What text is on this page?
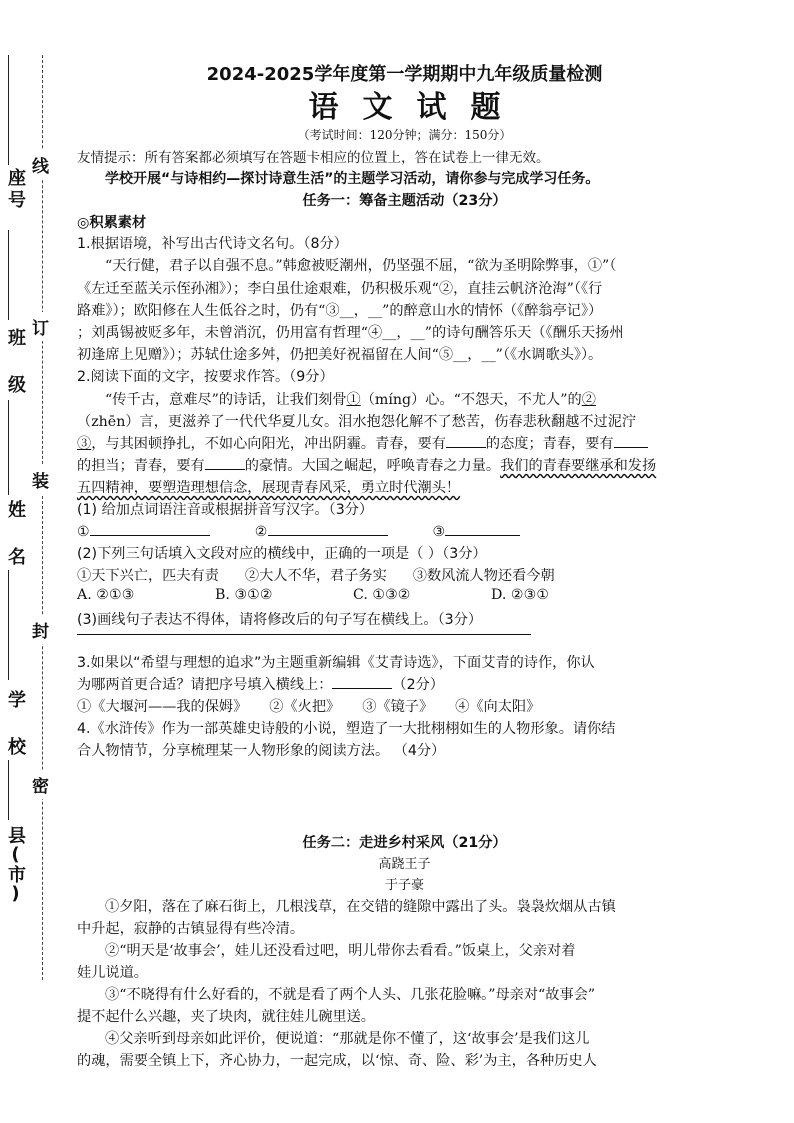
线
订
装
封
密
座号
班 级
姓 名
学 校
县(市)
2024-2025学年度第一学期期中九年级质量检测
语文试题
（考试时间：120分钟；满分：150分）
友情提示：所有答案都必须填写在答题卡相应的位置上，答在试卷上一律无效。
学校开展“与诗相约—探讨诗意生活”的主题学习活动，请你参与完成学习任务。
任务一：筹备主题活动（23分）
◎积累素材
1.根据语境，补写出古代诗文名句。（8分）
“天行健，君子以自强不息。”韩愈被贬潮州，仍坚强不屈，“欲为圣明除弊事，①”（
《左迁至蓝关示侄孙湘》）；李白虽仕途艰难，仍积极乐观“②，直挂云帆济沧海”（《行
路难》）；欧阳修在人生低谷之时，仍有“③__，__”的醉意山水的情怀（《醉翁亭记》）
；刘禹锡被贬多年，未曾消沉，仍用富有哲理“④__，__”的诗句酬答乐天（《酬乐天扬州
初逢席上见赠》）；苏轼仕途多舛，仍把美好祝福留在人间“⑤__，__”（《水调歌头》）。
2.阅读下面的文字，按要求作答。（9分）
“传千古，意难尽”的诗话，让我们刻骨①（míng）心。“不怨天，不尤人”的②
（zhēn）言，更滋养了一代代华夏儿女。泪水抱怨化解不了愁苦，伤春悲秋翻越不过泥泞
③，与其困顿挣扎，不如心向阳光，冲出阴霾。青春，要有	的态度；青春，要有
的担当；青春，要有	的豪情。大国之崛起，呼唤青春之力量。我们的青春要继承和发扬
五四精神，要塑造理想信念，展现青春风采，勇立时代潮头！
(1) 给加点词语注音或根据拼音写汉字。（3分）
①	②	③
(2)下列三句话填入文段对应的横线中，正确的一项是（ ）（3分）
①天下兴亡，匹夫有责 ②大人不华，君子务实 ③数风流人物还看今朝
A. ②①③	B. ③①②	C. ①③②	D. ②③①
(3)画线句子表达不得体，请将修改后的句子写在横线上。（3分）
3.如果以“希望与理想的追求”为主题重新编辑《艾青诗选》，下面艾青的诗作，你认
为哪两首更合适？请把序号填入横线上：	（2分）
①《大堰河——我的保姆》 ②《火把》 ③《镜子》 ④《向太阳》
4.《水浒传》作为一部英雄史诗般的小说，塑造了一大批栩栩如生的人物形象。请你结
合人物情节，分享梳理某一人物形象的阅读方法。 （4分）
任务二：走进乡村采风（21分）
高跷王子
于子豪
①夕阳，落在了麻石街上，几根浅草，在交错的缝隙中露出了头。袅袅炊烟从古镇
中升起，寂静的古镇显得有些冷清。
②“明天是‘故事会’，娃儿还没看过吧，明儿带你去看看。”饭桌上，父亲对着
娃儿说道。
③“不晓得有什么好看的，不就是看了两个人头、几张花脸嘛。”母亲对“故事会”
提不起什么兴趣，夹了块肉，就往娃儿碗里送。
④父亲听到母亲如此评价，便说道：“那就是你不懂了，这‘故事会’是我们这儿
的魂，需要全镇上下，齐心协力，一起完成，以‘惊、奇、险、彩’为主，各种历史人
